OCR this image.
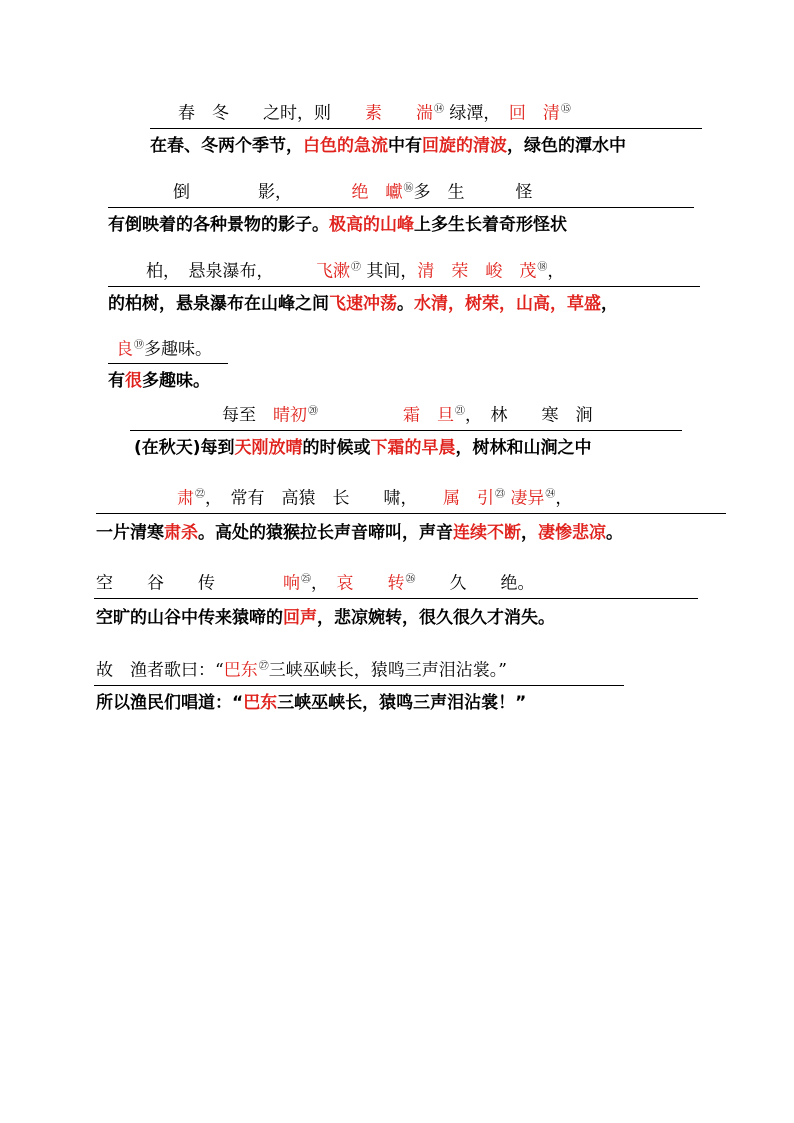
春　冬　　之时，则　　素　　湍⑭ 绿潭，　回　清⑮
在春、冬两个季节，白色的急流中有回旋的清波，绿色的潭水中
倒　　　　影，　　　　绝　巘⑯多　生　　　怪
有倒映着的各种景物的影子。极高的山峰上多生长着奇形怪状
柏，　悬泉瀑布，　　　飞漱⑰ 其间，清　荣　峻　茂⑱，
的柏树，悬泉瀑布在山峰之间飞速冲荡。水清，树荣，山高，草盛，
良⑲多趣味。
有很多趣味。
每至　晴初⑳　　　　　	霜　旦$^㉑$，　林　　寒　涧
(在秋天)每到天刚放晴的时候或下霜的早晨，树林和山涧之中
肃$^㉒$，　常有　高猿　长　　啸，　　属　引$^㉓$ 凄异$^㉔$，
一片清寒肃杀。高处的猿猴拉长声音啼叫，声音连续不断，凄惨悲凉。
空　　谷　　传　　　　响$^㉕$，　哀　　转$^㉖$　　久　　绝。
空旷的山谷中传来猿啼的回声，悲凉婉转，很久很久才消失。
故　渔者歌曰：“巴东$^㉗$三峡巫峡长，猿鸣三声泪沾裳。”
所以渔民们唱道：“巴东三峡巫峡长，猿鸣三声泪沾裳！”
